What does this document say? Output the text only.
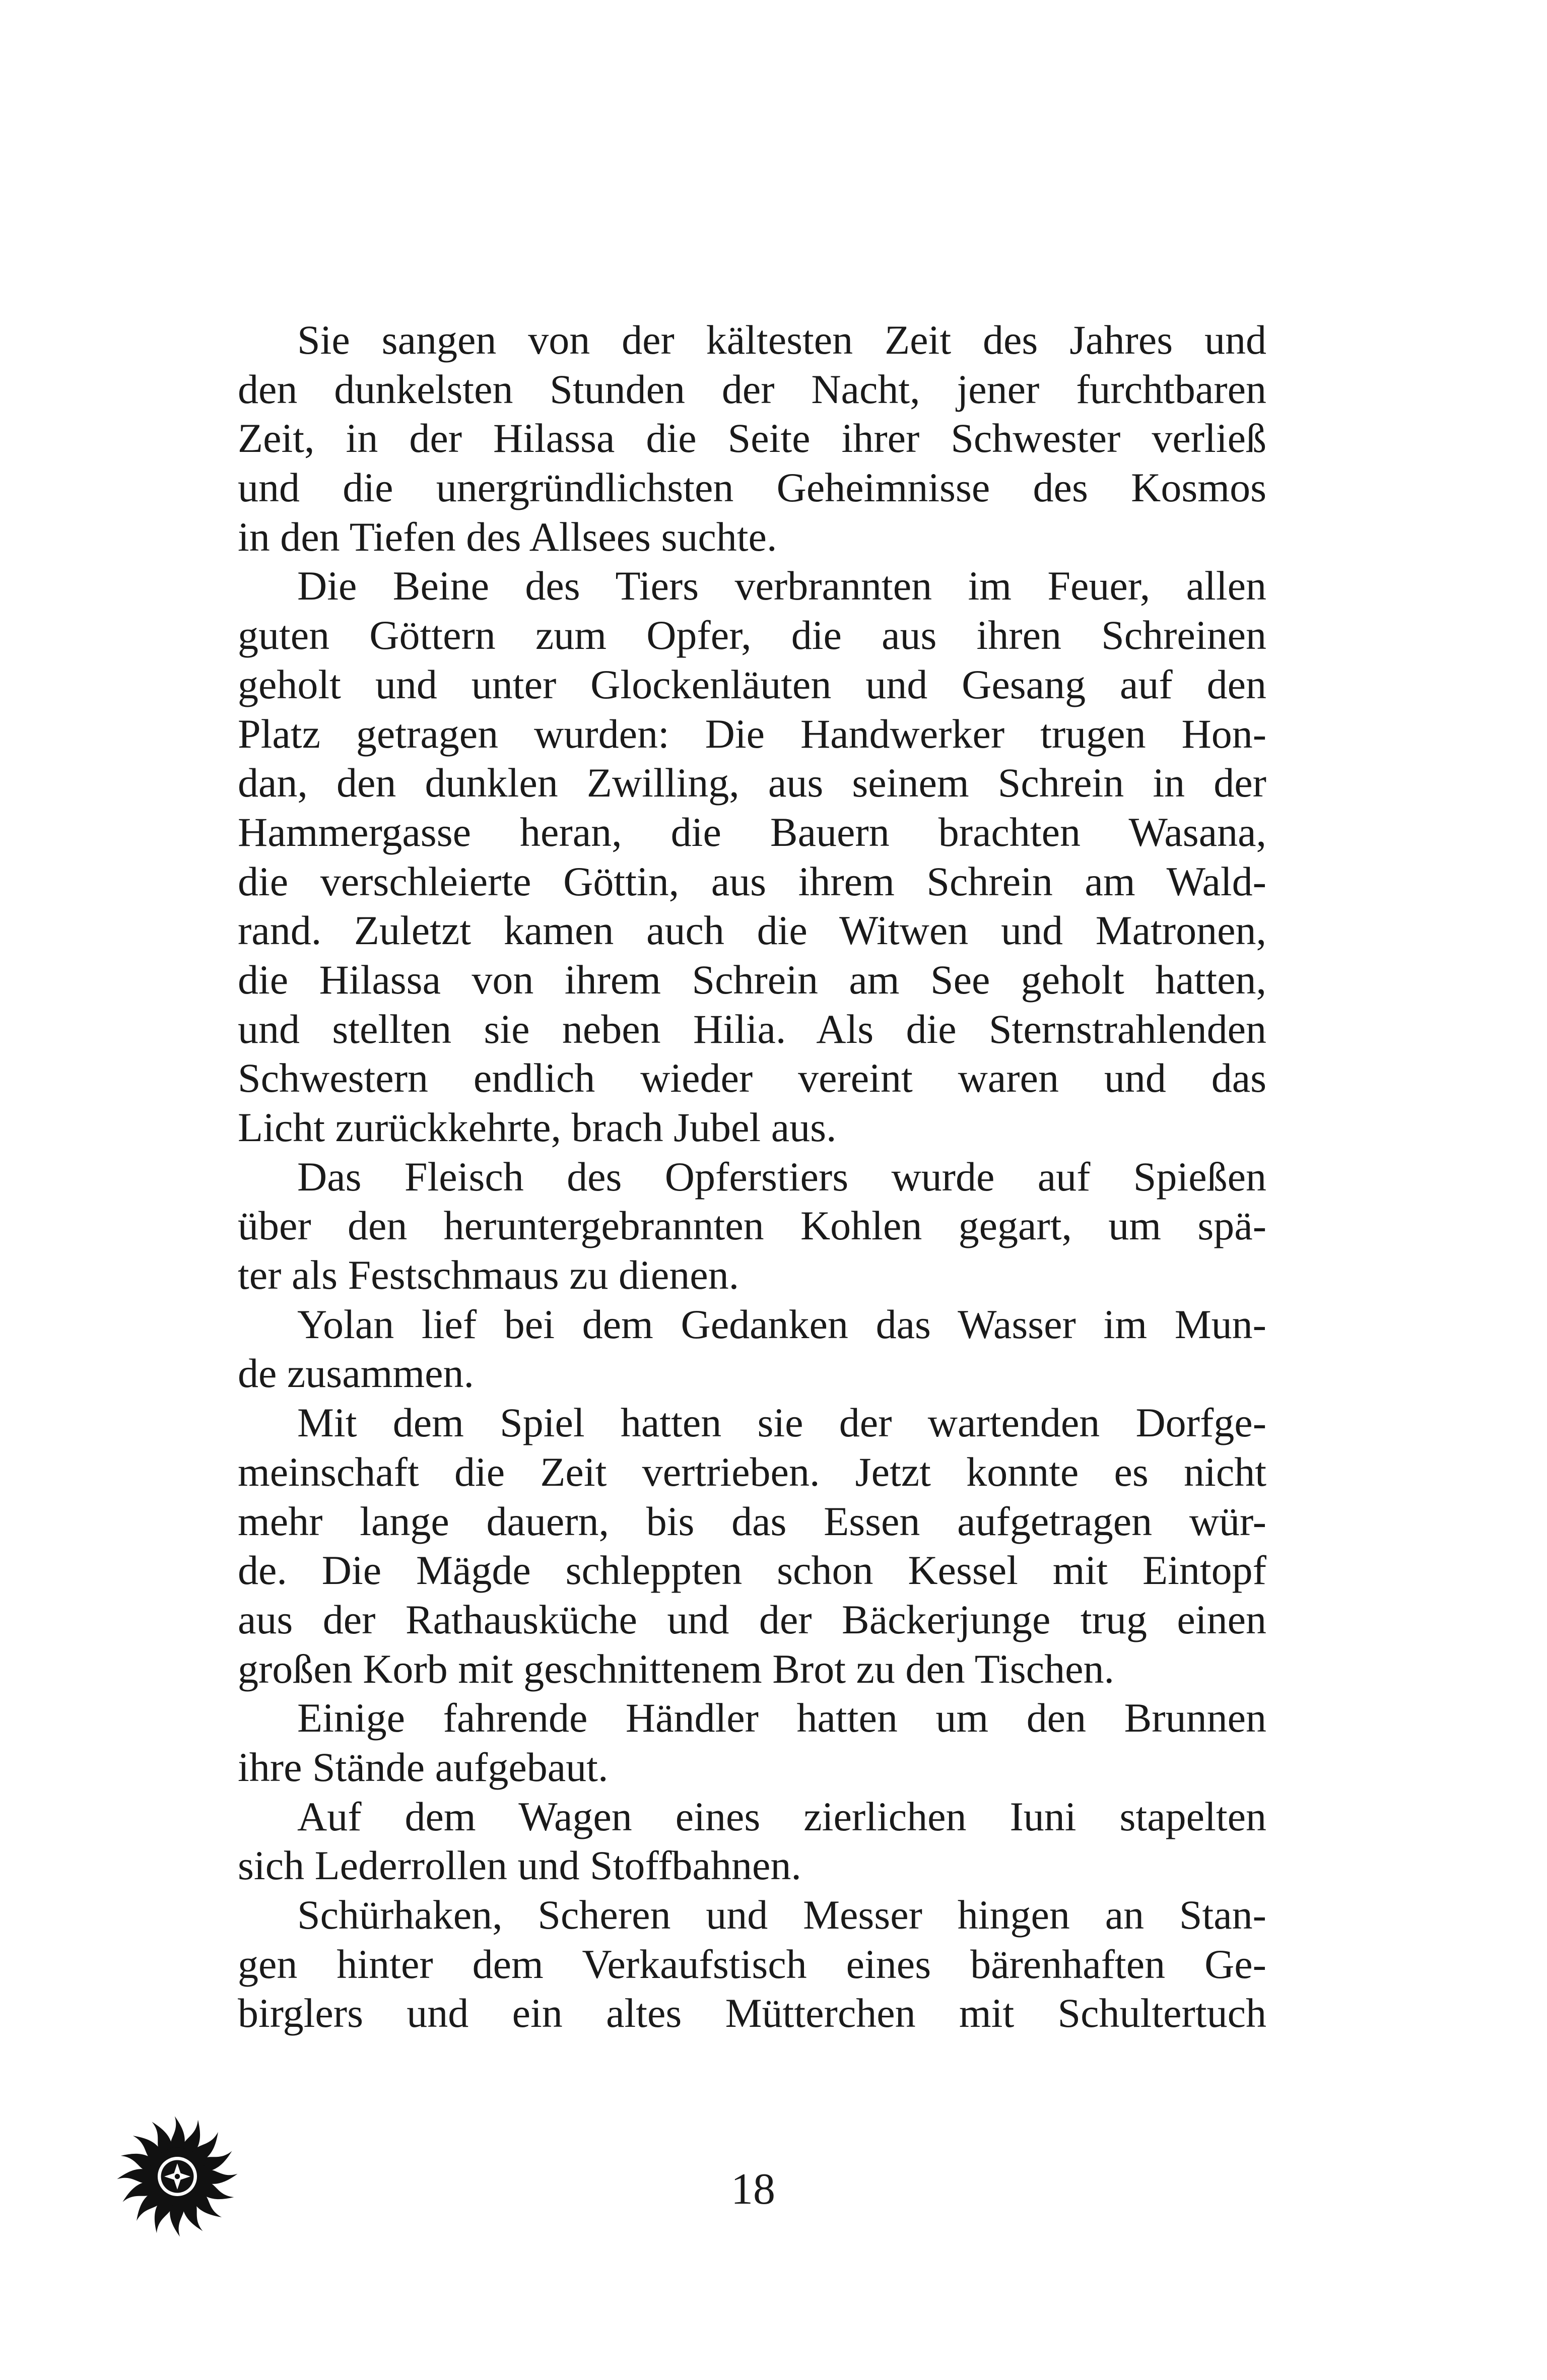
Sie sangen von der kältesten Zeit des Jahres und
den dunkelsten Stunden der Nacht, jener furchtbaren
Zeit, in der Hilassa die Seite ihrer Schwester verließ
und die unergründlichsten Geheimnisse des Kosmos
in den Tiefen des Allsees suchte.
Die Beine des Tiers verbrannten im Feuer, allen
guten Göttern zum Opfer, die aus ihren Schreinen
geholt und unter Glockenläuten und Gesang auf den
Platz getragen wurden: Die Handwerker trugen Hon-
dan, den dunklen Zwilling, aus seinem Schrein in der
Hammergasse heran, die Bauern brachten Wasana,
die verschleierte Göttin, aus ihrem Schrein am Wald-
rand. Zuletzt kamen auch die Witwen und Matronen,
die Hilassa von ihrem Schrein am See geholt hatten,
und stellten sie neben Hilia. Als die Sternstrahlenden
Schwestern endlich wieder vereint waren und das
Licht zurückkehrte, brach Jubel aus.
Das Fleisch des Opferstiers wurde auf Spießen
über den heruntergebrannten Kohlen gegart, um spä-
ter als Festschmaus zu dienen.
Yolan lief bei dem Gedanken das Wasser im Mun-
de zusammen.
Mit dem Spiel hatten sie der wartenden Dorfge-
meinschaft die Zeit vertrieben. Jetzt konnte es nicht
mehr lange dauern, bis das Essen aufgetragen wür-
de. Die Mägde schleppten schon Kessel mit Eintopf
aus der Rathausküche und der Bäckerjunge trug einen
großen Korb mit geschnittenem Brot zu den Tischen.
Einige fahrende Händler hatten um den Brunnen
ihre Stände aufgebaut.
Auf dem Wagen eines zierlichen Iuni stapelten
sich Lederrollen und Stoffbahnen.
Schürhaken, Scheren und Messer hingen an Stan-
gen hinter dem Verkaufstisch eines bärenhaften Ge-
birglers und ein altes Mütterchen mit Schultertuch
18
